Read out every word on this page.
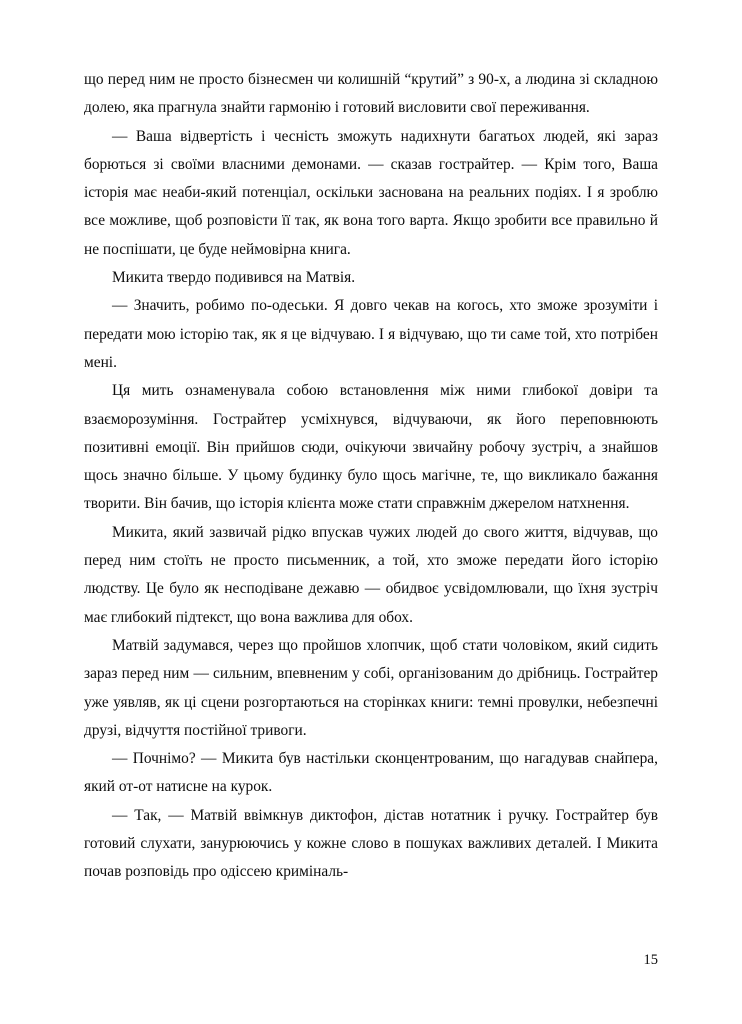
що перед ним не просто бізнесмен чи колишній “крутий” з 90-х, а людина зі складною долею, яка прагнула знайти гармонію і готовий висловити свої переживання.

— Ваша відвертість і чесність зможуть надихнути багатьох людей, які зараз борються зі своїми власними демонами. — сказав гострайтер. — Крім того, Ваша історія має неаби-який потенціал, оскільки заснована на реальних подіях. І я зроблю все можливе, щоб розповісти її так, як вона того варта. Якщо зробити все правильно й не поспішати, це буде неймовірна книга.

Микита твердо подивився на Матвія.

— Значить, робимо по-одеськи. Я довго чекав на когось, хто зможе зрозуміти і передати мою історію так, як я це відчуваю. І я відчуваю, що ти саме той, хто потрібен мені.

Ця мить ознаменувала собою встановлення між ними глибокої довіри та взаєморозуміння. Гострайтер усміхнувся, відчуваючи, як його переповнюють позитивні емоції. Він прийшов сюди, очікуючи звичайну робочу зустріч, а знайшов щось значно більше. У цьому будинку було щось магічне, те, що викликало бажання творити. Він бачив, що історія клієнта може стати справжнім джерелом натхнення.

Микита, який зазвичай рідко впускав чужих людей до свого життя, відчував, що перед ним стоїть не просто письменник, а той, хто зможе передати його історію людству. Це було як несподіване дежавю — обидвоє усвідомлювали, що їхня зустріч має глибокий підтекст, що вона важлива для обох.

Матвій задумався, через що пройшов хлопчик, щоб стати чоловіком, який сидить зараз перед ним — сильним, впевненим у собі, організованим до дрібниць. Гострайтер уже уявляв, як ці сцени розгортаються на сторінках книги: темні провулки, небезпечні друзі, відчуття постійної тривоги.

— Почнімо? — Микита був настільки сконцентрованим, що нагадував снайпера, який от-от натисне на курок.

— Так, — Матвій ввімкнув диктофон, дістав нотатник і ручку. Гострайтер був готовий слухати, занурюючись у кожне слово в пошуках важливих деталей. І Микита почав розповідь про одіссею криміналь-

15
